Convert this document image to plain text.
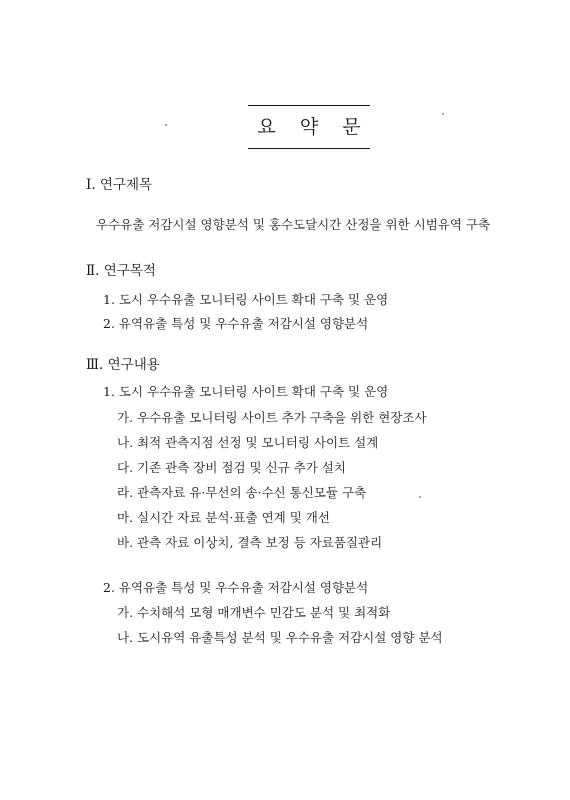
요 약 문
Ⅰ. 연구제목
우수유출 저감시설 영향분석 및 홍수도달시간 산정을 위한 시범유역 구축
Ⅱ. 연구목적
1. 도시 우수유출 모니터링 사이트 확대 구축 및 운영
2. 유역유출 특성 및 우수유출 저감시설 영향분석
Ⅲ. 연구내용
1. 도시 우수유출 모니터링 사이트 확대 구축 및 운영
가. 우수유출 모니터링 사이트 추가 구축을 위한 현장조사
나. 최적 관측지점 선정 및 모니터링 사이트 설계
다. 기존 관측 장비 점검 및 신규 추가 설치
라. 관측자료 유·무선의 송·수신 통신모듈 구축
마. 실시간 자료 분석·표출 연계 및 개선
바. 관측 자료 이상치, 결측 보정 등 자료품질관리
2. 유역유출 특성 및 우수유출 저감시설 영향분석
가. 수치해석 모형 매개변수 민감도 분석 및 최적화
나. 도시유역 유출특성 분석 및 우수유출 저감시설 영향 분석
